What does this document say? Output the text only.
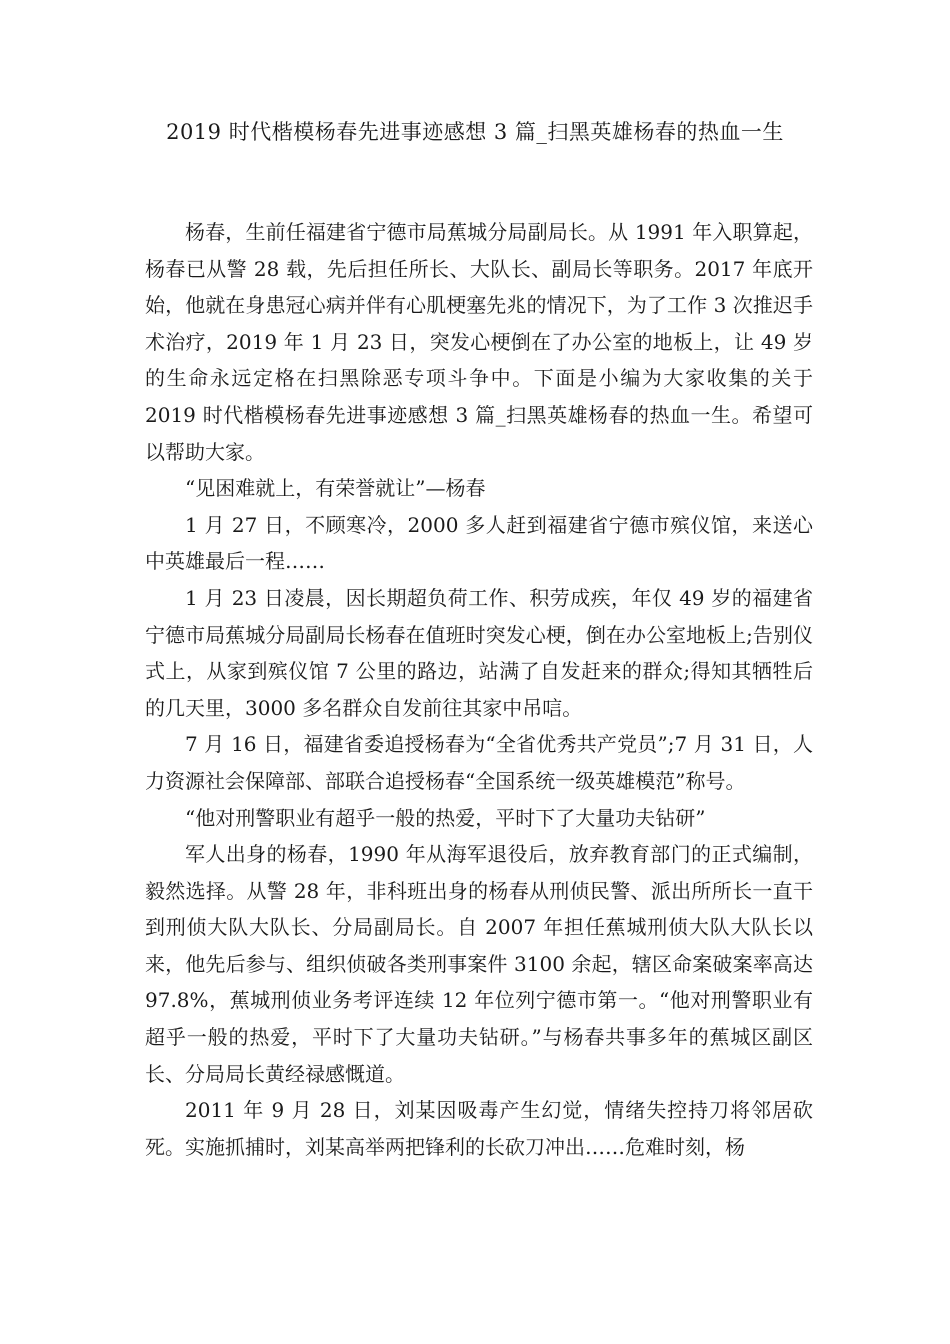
2019 时代楷模杨春先进事迹感想 3 篇_扫黑英雄杨春的热血一生

杨春，生前任福建省宁德市局蕉城分局副局长。从 1991 年入职算起，杨春已从警 28 载，先后担任所长、大队长、副局长等职务。2017 年底开始，他就在身患冠心病并伴有心肌梗塞先兆的情况下，为了工作 3 次推迟手术治疗，2019 年 1 月 23 日，突发心梗倒在了办公室的地板上，让 49 岁的生命永远定格在扫黑除恶专项斗争中。下面是小编为大家收集的关于 2019 时代楷模杨春先进事迹感想 3 篇_扫黑英雄杨春的热血一生。希望可以帮助大家。

“见困难就上，有荣誉就让”—杨春

1 月 27 日，不顾寒冷，2000 多人赶到福建省宁德市殡仪馆，来送心中英雄最后一程……

1 月 23 日凌晨，因长期超负荷工作、积劳成疾，年仅 49 岁的福建省宁德市局蕉城分局副局长杨春在值班时突发心梗，倒在办公室地板上;告别仪式上，从家到殡仪馆 7 公里的路边，站满了自发赶来的群众;得知其牺牲后的几天里，3000 多名群众自发前往其家中吊唁。

7 月 16 日，福建省委追授杨春为“全省优秀共产党员”;7 月 31 日，人力资源社会保障部、部联合追授杨春“全国系统一级英雄模范”称号。

“他对刑警职业有超乎一般的热爱，平时下了大量功夫钻研”

军人出身的杨春，1990 年从海军退役后，放弃教育部门的正式编制，毅然选择。从警 28 年，非科班出身的杨春从刑侦民警、派出所所长一直干到刑侦大队大队长、分局副局长。自 2007 年担任蕉城刑侦大队大队长以来，他先后参与、组织侦破各类刑事案件 3100 余起，辖区命案破案率高达 97.8%，蕉城刑侦业务考评连续 12 年位列宁德市第一。“他对刑警职业有超乎一般的热爱，平时下了大量功夫钻研。”与杨春共事多年的蕉城区副区长、分局局长黄经禄感慨道。

2011 年 9 月 28 日，刘某因吸毒产生幻觉，情绪失控持刀将邻居砍死。实施抓捕时，刘某高举两把锋利的长砍刀冲出……危难时刻，杨
